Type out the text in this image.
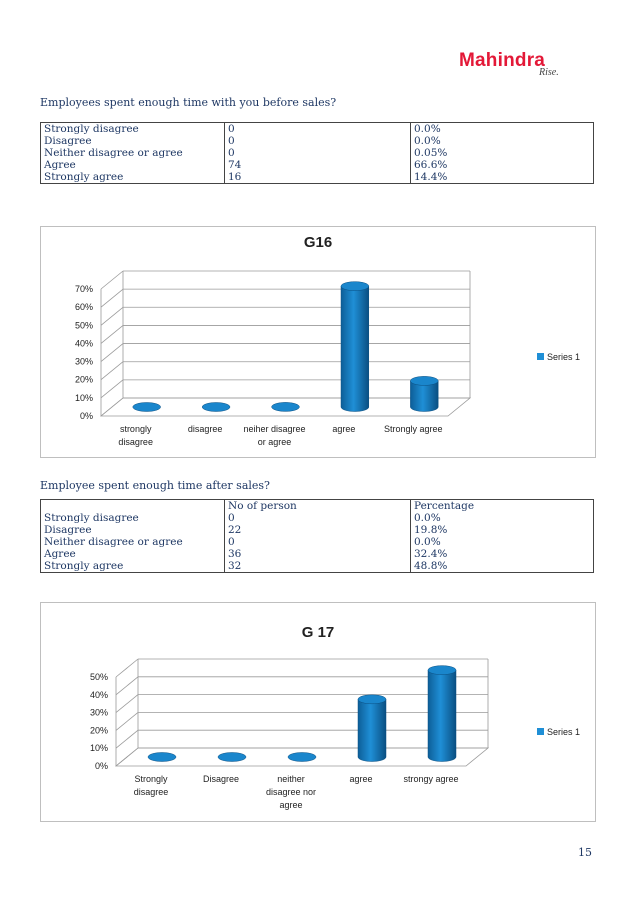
Mahindra
Rise.
Employees spent enough time with you before sales?
Strongly disagree	0	0.0%
Disagree	0	0.0%
Neither disagree or agree	0	0.05%
Agree	74	66.6%
Strongly agree	16	14.4%
G16
0%
10%
20%
30%
40%
50%
60%
70%
strongly
disagree
disagree neiher disagree
or agree
agree	Strongly agree
Series 1
Employee spent enough time after sales?
	No of person	Percentage
Strongly disagree	0	0.0%
Disagree	22	19.8%
Neither disagree or agree	0	0.0%
Agree	36	32.4%
Strongly agree	32	48.8%
G 17
0%
10%
20%
30%
40%
50%
Strongly
disagree
Disagree	neither
disagree nor
agree
agree	strongy agree
Series 1
15
